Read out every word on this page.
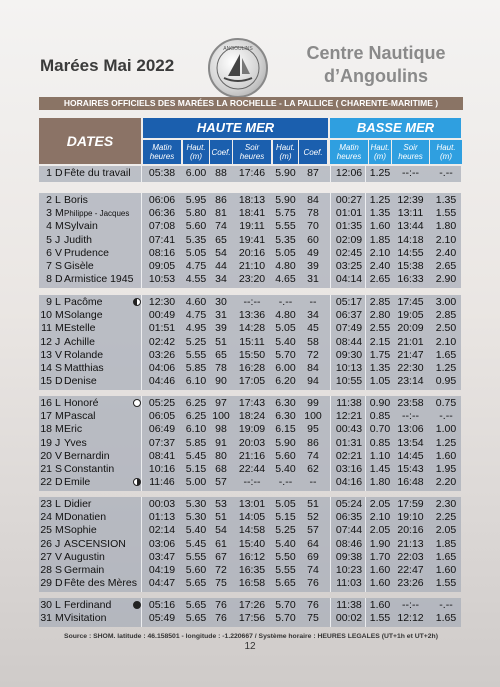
Marées Mai 2022
ANGOULINS	Centre Nautique
d’Angoulins
HORAIRES OFFICIELS DES MARÉES LA ROCHELLE - LA PALLICE ( CHARENTE-MARITIME )
DATES
HAUTE MER	BASSE MER
Matin
heures
Haut.
(m)	Coef.	Soir
heures
Haut.
(m)	Coef.	Matin
heures
Haut.
(m)
Soir
heures
Haut.
(m)
1 D Fête du travail	05:38	6.00 88	17:46 5.90	87	12:06 1.25	--:--	-.--
2 L Boris	06:06	5.95 86	18:13 5.90	84	00:27 1.25 12:39	1.35
3 M Philippe - Jacques	06:36	5.80 81	18:41 5.75	78	01:01 1.35 13:11	1.55
4 M Sylvain	07:08	5.60 74	19:11	5.55	70	01:35 1.60 13:44	1.80
5 J Judith	07:41	5.35 65	19:41 5.35	60	02:09 1.85 14:18	2.10
6 V Prudence	08:16	5.05 54	20:16 5.05	49	02:45 2.10 14:55	2.40
7 S Gisèle	09:05	4.75 44	21:10 4.80	39	03:25 2.40 15:38	2.65
8 D Armistice 1945	10:53	4.55 34	23:20 4.65	31	04:14 2.65 16:33	2.90
9 L Pacôme	12:30	4.60 30	--:--	-.--	--	05:17 2.85 17:45	3.00
10 M Solange	00:49	4.75 31	13:36 4.80	34	06:37 2.80 19:05	2.85
11 M Estelle	01:51	4.95 39	14:28 5.05	45	07:49 2.55 20:09	2.50
12 J Achille	02:42	5.25 51	15:11	5.40	58	08:44 2.15 21:01	2.10
13 V Rolande	03:26	5.55 65	15:50 5.70	72	09:30 1.75 21:47	1.65
14 S Matthias	04:06	5.85 78	16:28 6.00	84	10:13 1.35 22:30	1.25
15 D Denise	04:46	6.10 90	17:05 6.20	94	10:55 1.05 23:14	0.95
16 L Honoré	05:25	6.25 97	17:43 6.30	99	11:38 0.90 23:58	0.75
17 M Pascal	06:05	6.25 100 18:24 6.30 100	12:21 0.85	--:--	-.--
18 M Eric	06:49	6.10 98	19:09 6.15	95	00:43 0.70 13:06	1.00
19 J Yves	07:37	5.85 91	20:03 5.90	86	01:31 0.85 13:54	1.25
20 V Bernardin	08:41	5.45 80	21:16 5.60	74	02:21 1.10 14:45	1.60
21 S Constantin	10:16	5.15 68	22:44 5.40	62	03:16 1.45 15:43	1.95
22 D Emile	11:46	5.00 57	--:--	-.--	--	04:16 1.80 16:48	2.20
23 L Didier	00:03	5.30 53	13:01 5.05	51	05:24 2.05 17:59	2.30
24 M Donatien	01:13	5.30 51	14:05 5.15	52	06:35 2.10 19:10	2.25
25 M Sophie	02:14	5.40 54	14:58 5.25	57	07:44 2.05 20:16	2.05
26 J ASCENSION	03:06	5.45 61	15:40 5.40	64	08:46 1.90 21:13	1.85
27 V Augustin	03:47	5.55 67	16:12 5.50	69	09:38 1.70 22:03	1.65
28 S Germain	04:19	5.60 72	16:35 5.55	74	10:23 1.60 22:47	1.60
29 D Fête des Mères	04:47	5.65 75	16:58 5.65	76	11:03 1.60 23:26	1.55
30 L Ferdinand	05:16	5.65 76	17:26 5.70	76	11:38 1.60	--:--	-.--
31 M Visitation	05:49	5.65 76	17:56 5.70	75	00:02 1.55 12:12	1.65
Source : SHOM. latitude : 46.158501 - longitude : -1.220667 / Système horaire : HEURES LEGALES (UT+1h et UT+2h)
12
